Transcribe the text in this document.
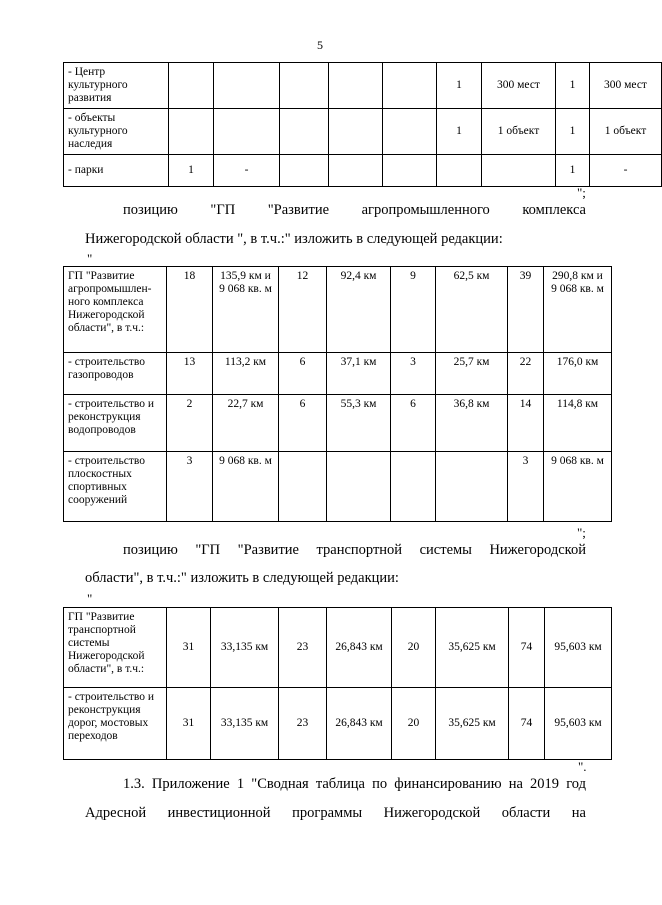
5
- Центр культурного развития						1	300 мест	1	300 мест
- объекты культурного наследия						1	1 объект	1	1 объект
- парки	1	-						1	-
";
позицию "ГП "Развитие агропромышленного комплекса
Нижегородской области ", в т.ч.:" изложить в следующей редакции:
"
ГП "Развитие агропромышлен-ного комплекса Нижегородской области", в т.ч.:	18	135,9 км и 9 068 кв. м	12	92,4 км	9	62,5 км	39	290,8 км и 9 068 кв. м
- строительство газопроводов	13	113,2 км	6	37,1 км	3	25,7 км	22	176,0 км
- строительство и реконструкция водопроводов	2	22,7 км	6	55,3 км	6	36,8 км	14	114,8 км
- строительство плоскостных спортивных сооружений	3	9 068 кв. м					3	9 068 кв. м
";
позицию "ГП "Развитие транспортной системы Нижегородской
области", в т.ч.:" изложить в следующей редакции:
"
ГП "Развитие транспортной системы Нижегородской области", в т.ч.:	31	33,135 км	23	26,843 км	20	35,625 км	74	95,603 км
- строительство и реконструкция дорог, мостовых переходов	31	33,135 км	23	26,843 км	20	35,625 км	74	95,603 км
".
1.3. Приложение 1 "Сводная таблица по финансированию на 2019 год
Адресной инвестиционной программы Нижегородской области на
